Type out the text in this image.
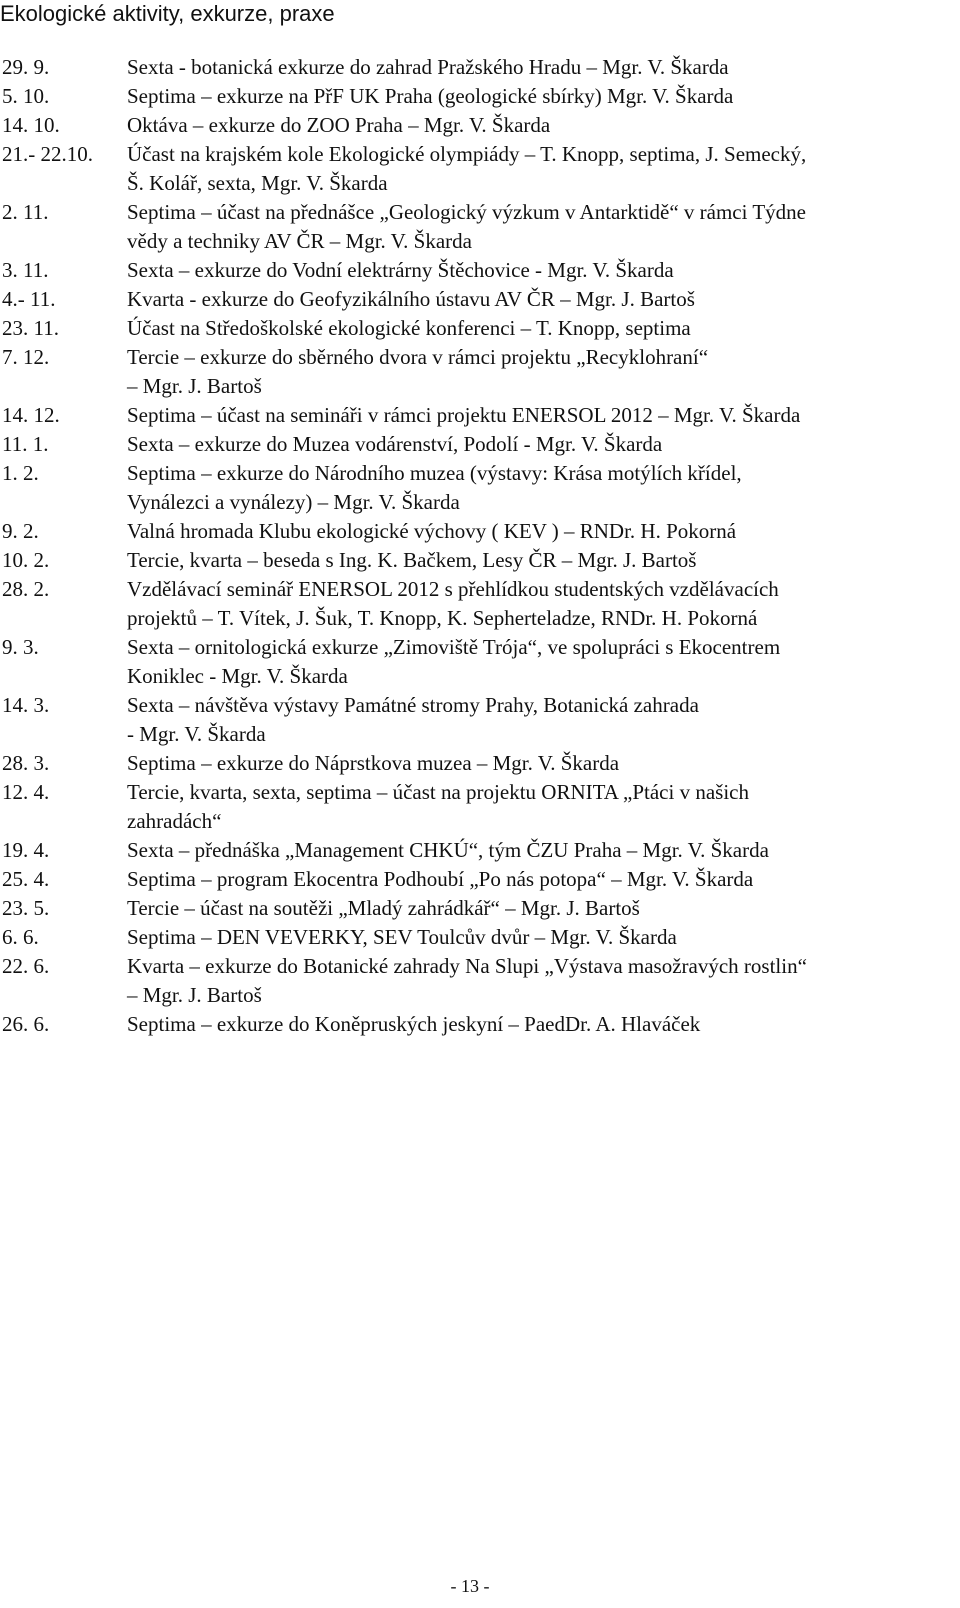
Ekologické aktivity, exkurze, praxe
29. 9.	Sexta - botanická exkurze do zahrad Pražského Hradu – Mgr. V. Škarda
5. 10.	Septima – exkurze na PřF UK Praha (geologické sbírky) Mgr. V. Škarda
14. 10.	Oktáva – exkurze do ZOO Praha – Mgr. V. Škarda
21.- 22.10.	Účast na krajském kole Ekologické olympiády – T. Knopp, septima, J. Semecký,
Š. Kolář, sexta, Mgr. V. Škarda
2. 11.	Septima – účast na přednášce „Geologický výzkum v Antarktidě“ v rámci Týdne
vědy a techniky AV ČR – Mgr. V. Škarda
3. 11.	Sexta – exkurze do Vodní elektrárny Štěchovice - Mgr. V. Škarda
4.- 11.	Kvarta - exkurze do Geofyzikálního ústavu AV ČR – Mgr. J. Bartoš
23. 11.	Účast na Středoškolské ekologické konferenci – T. Knopp, septima
7. 12.	Tercie – exkurze do sběrného dvora v rámci projektu „Recyklohraní“
– Mgr. J. Bartoš
14. 12.	Septima – účast na semináři v rámci projektu ENERSOL 2012 – Mgr. V. Škarda
11. 1.	Sexta – exkurze do Muzea vodárenství, Podolí - Mgr. V. Škarda
1. 2.	Septima – exkurze do Národního muzea (výstavy: Krása motýlích křídel,
Vynálezci a vynálezy) – Mgr. V. Škarda
9. 2.	Valná hromada Klubu ekologické výchovy ( KEV ) – RNDr. H. Pokorná
10. 2.	Tercie, kvarta – beseda s Ing. K. Bačkem, Lesy ČR – Mgr. J. Bartoš
28. 2.	Vzdělávací seminář ENERSOL 2012 s přehlídkou studentských vzdělávacích
projektů – T. Vítek, J. Šuk, T. Knopp, K. Sepherteladze, RNDr. H. Pokorná
9. 3.	Sexta – ornitologická exkurze „Zimoviště Trója“, ve spolupráci s Ekocentrem
Koniklec - Mgr. V. Škarda
14. 3.	Sexta – návštěva výstavy Památné stromy Prahy, Botanická zahrada
- Mgr. V. Škarda
28. 3.	Septima – exkurze do Náprstkova muzea – Mgr. V. Škarda
12. 4.	Tercie, kvarta, sexta, septima – účast na projektu ORNITA „Ptáci v našich
zahradách“
19. 4.	Sexta – přednáška „Management CHKÚ“, tým ČZU Praha – Mgr. V. Škarda
25. 4.	Septima – program Ekocentra Podhoubí „Po nás potopa“ – Mgr. V. Škarda
23. 5.	Tercie – účast na soutěži „Mladý zahrádkář“ – Mgr. J. Bartoš
6. 6.	Septima – DEN VEVERKY, SEV Toulcův dvůr – Mgr. V. Škarda
22. 6.	Kvarta – exkurze do Botanické zahrady Na Slupi „Výstava masožravých rostlin“
– Mgr. J. Bartoš
26. 6.	Septima – exkurze do Koněpruských jeskyní – PaedDr. A. Hlaváček
- 13 -
